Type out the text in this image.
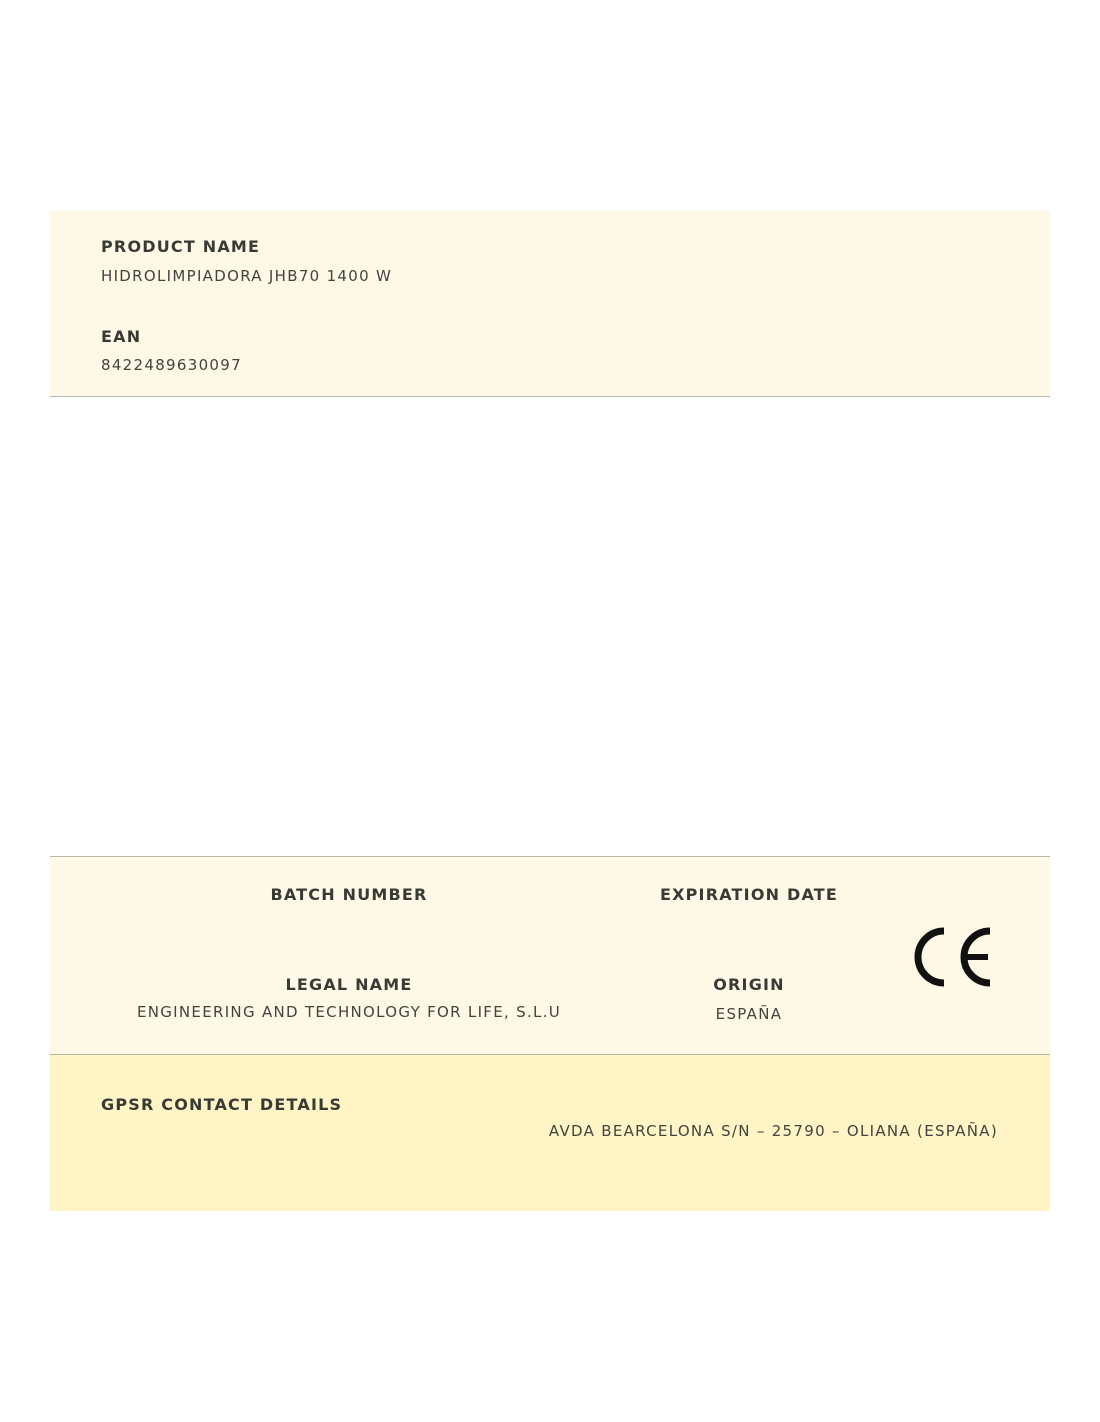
PRODUCT NAME
HIDROLIMPIADORA JHB70 1400 W
EAN
8422489630097
BATCH NUMBER	EXPIRATION DATE
LEGAL NAME
ENGINEERING AND TECHNOLOGY FOR LIFE, S.L.U
ORIGIN
ESPAÑA
GPSR CONTACT DETAILS
AVDA BEARCELONA S/N – 25790 – OLIANA (ESPAÑA)
